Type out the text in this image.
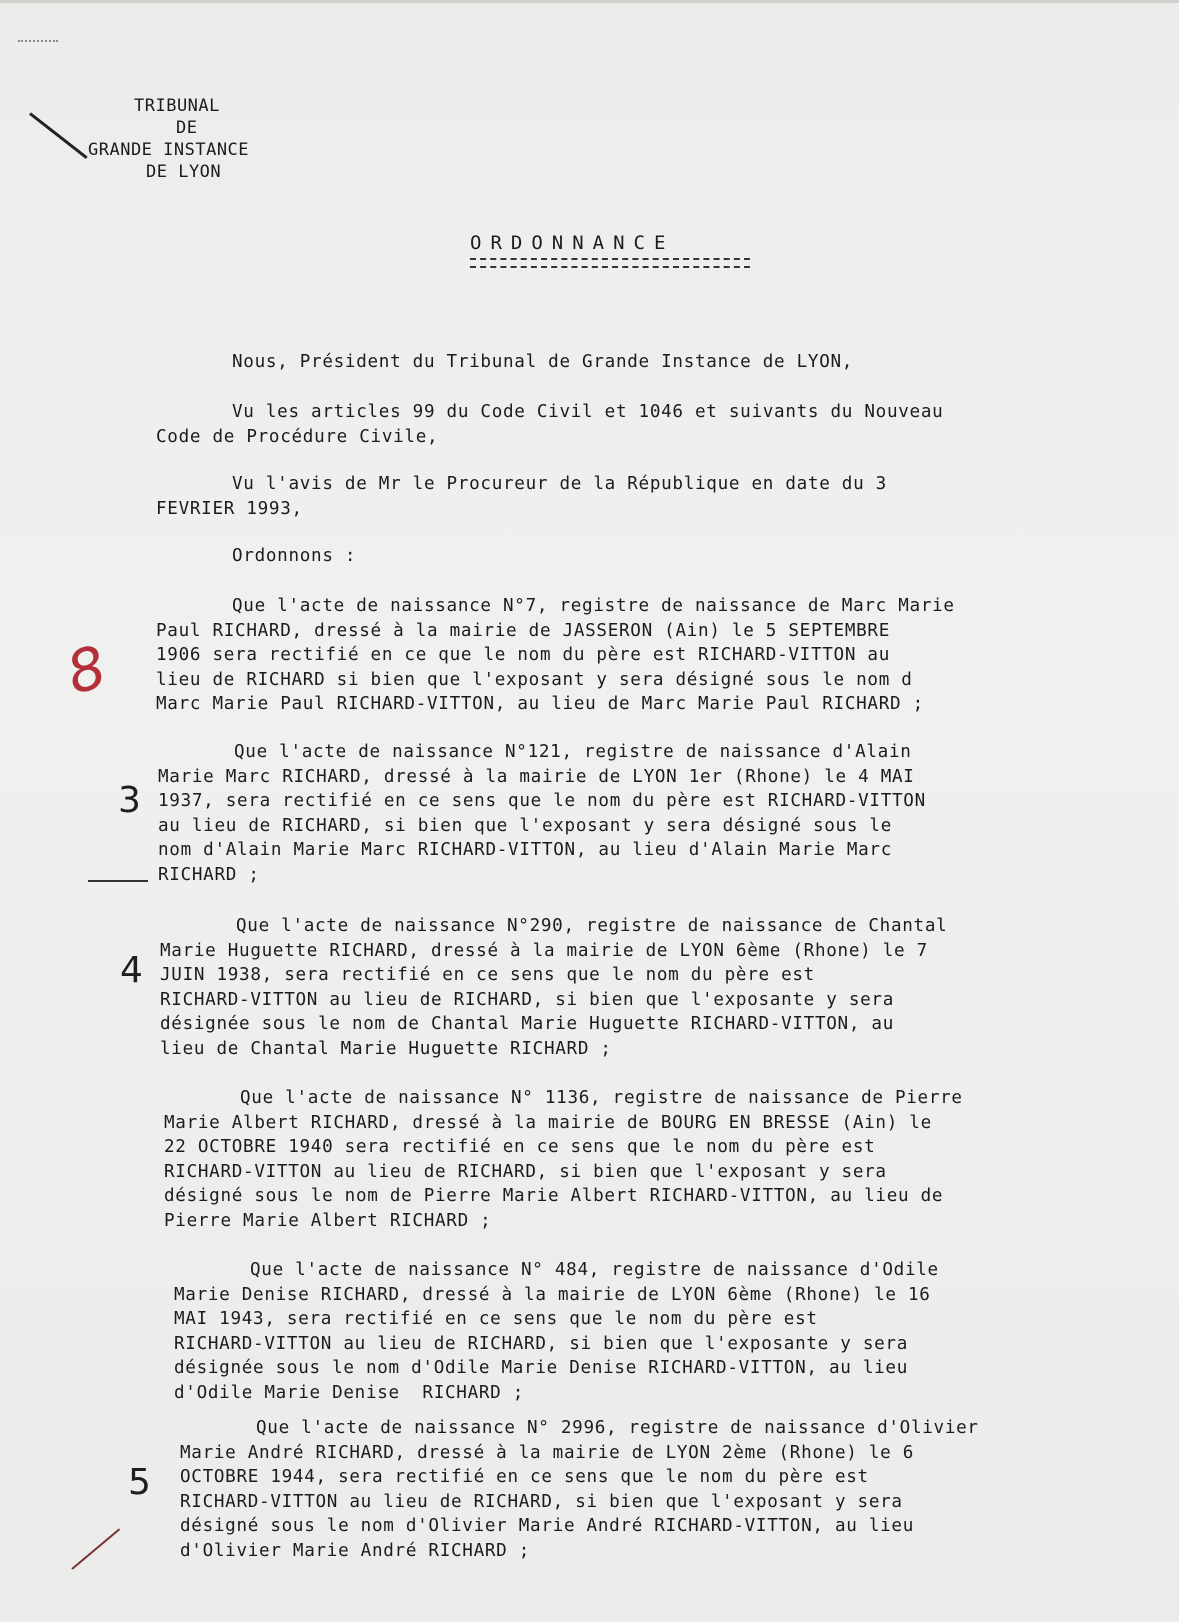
TRIBUNAL
DE
GRANDE INSTANCE
DE LYON
ORDONNANCE

Nous, Président du Tribunal de Grande Instance de LYON,

Vu les articles 99 du Code Civil et 1046 et suivants du Nouveau
Code de Procédure Civile,

Vu l'avis de Mr le Procureur de la République en date du 3
FEVRIER 1993,

Ordonnons :

Que l'acte de naissance N°7, registre de naissance de Marc Marie
Paul RICHARD, dressé à la mairie de JASSERON (Ain) le 5 SEPTEMBRE
1906 sera rectifié en ce que le nom du père est RICHARD-VITTON au
lieu de RICHARD si bien que l'exposant y sera désigné sous le nom d
Marc Marie Paul RICHARD-VITTON, au lieu de Marc Marie Paul RICHARD ;

Que l'acte de naissance N°121, registre de naissance d'Alain
Marie Marc RICHARD, dressé à la mairie de LYON 1er (Rhone) le 4 MAI
1937, sera rectifié en ce sens que le nom du père est RICHARD-VITTON
au lieu de RICHARD, si bien que l'exposant y sera désigné sous le
nom d'Alain Marie Marc RICHARD-VITTON, au lieu d'Alain Marie Marc
RICHARD ;

Que l'acte de naissance N°290, registre de naissance de Chantal
Marie Huguette RICHARD, dressé à la mairie de LYON 6ème (Rhone) le 7
JUIN 1938, sera rectifié en ce sens que le nom du père est
RICHARD-VITTON au lieu de RICHARD, si bien que l'exposante y sera
désignée sous le nom de Chantal Marie Huguette RICHARD-VITTON, au
lieu de Chantal Marie Huguette RICHARD ;

Que l'acte de naissance N° 1136, registre de naissance de Pierre
Marie Albert RICHARD, dressé à la mairie de BOURG EN BRESSE (Ain) le
22 OCTOBRE 1940 sera rectifié en ce sens que le nom du père est
RICHARD-VITTON au lieu de RICHARD, si bien que l'exposant y sera
désigné sous le nom de Pierre Marie Albert RICHARD-VITTON, au lieu de
Pierre Marie Albert RICHARD ;

Que l'acte de naissance N° 484, registre de naissance d'Odile
Marie Denise RICHARD, dressé à la mairie de LYON 6ème (Rhone) le 16
MAI 1943, sera rectifié en ce sens que le nom du père est
RICHARD-VITTON au lieu de RICHARD, si bien que l'exposante y sera
désignée sous le nom d'Odile Marie Denise RICHARD-VITTON, au lieu
d'Odile Marie Denise  RICHARD ;

Que l'acte de naissance N° 2996, registre de naissance d'Olivier
Marie André RICHARD, dressé à la mairie de LYON 2ème (Rhone) le 6
OCTOBRE 1944, sera rectifié en ce sens que le nom du père est
RICHARD-VITTON au lieu de RICHARD, si bien que l'exposant y sera
désigné sous le nom d'Olivier Marie André RICHARD-VITTON, au lieu
d'Olivier Marie André RICHARD ;

8
3
4
5
